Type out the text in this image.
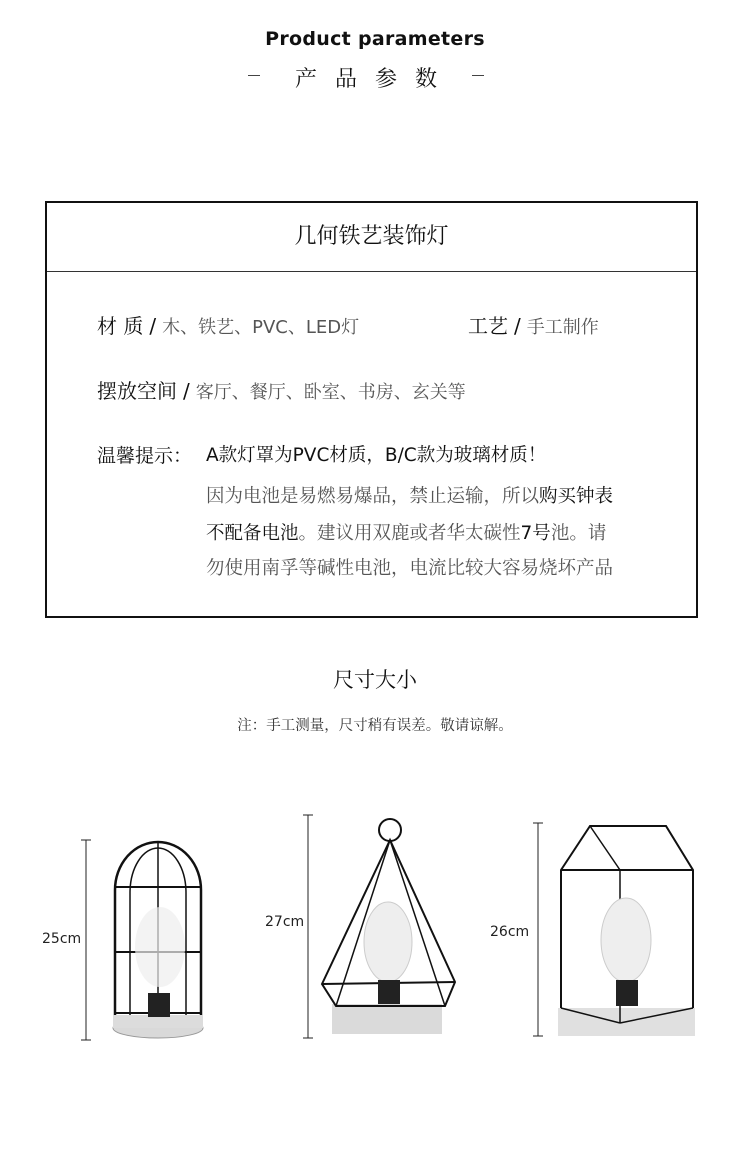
Product parameters
产品参数
几何铁艺装饰灯
材 质 / 木、铁艺、PVC、LED灯	工艺 / 手工制作
摆放空间 / 客厅、餐厅、卧室、书房、玄关等
温馨提示： A款灯罩为PVC材质，B/C款为玻璃材质！
因为电池是易燃易爆品，禁止运输，所以购买钟表
不配备电池。建议用双鹿或者华太碳性7号池。请
勿使用南孚等碱性电池，电流比较大容易烧坏产品
尺寸大小
注：手工测量，尺寸稍有误差。敬请谅解。
25cm
27cm
26cm
